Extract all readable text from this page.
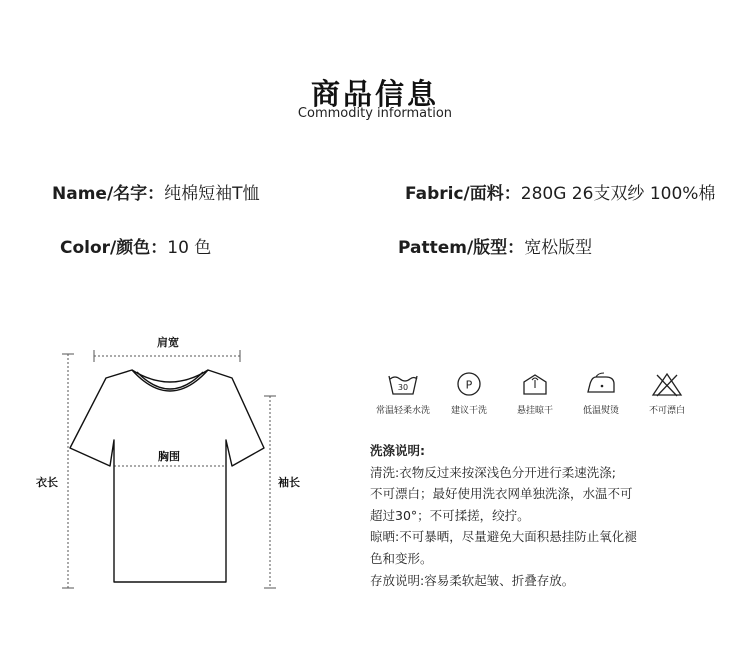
商品信息
Commodity information
Name/名字：纯棉短袖T恤	Fabric/面料：280G 26支双纱 100%棉
Color/颜色：10 色	Pattem/版型：宽松版型
肩宽
胸围
衣长	袖长
30
常温轻柔水洗
P
建议干洗	悬挂晾干	低温熨烫	不可漂白
洗涤说明:
清洗:衣物反过来按深浅色分开进行柔速洗涤;
不可漂白；最好使用洗衣网单独洗涤，水温不可
超过30°；不可揉搓，绞拧。
晾晒:不可暴晒，尽量避免大面积悬挂防止氧化褪
色和变形。
存放说明:容易柔软起皱、折叠存放。
